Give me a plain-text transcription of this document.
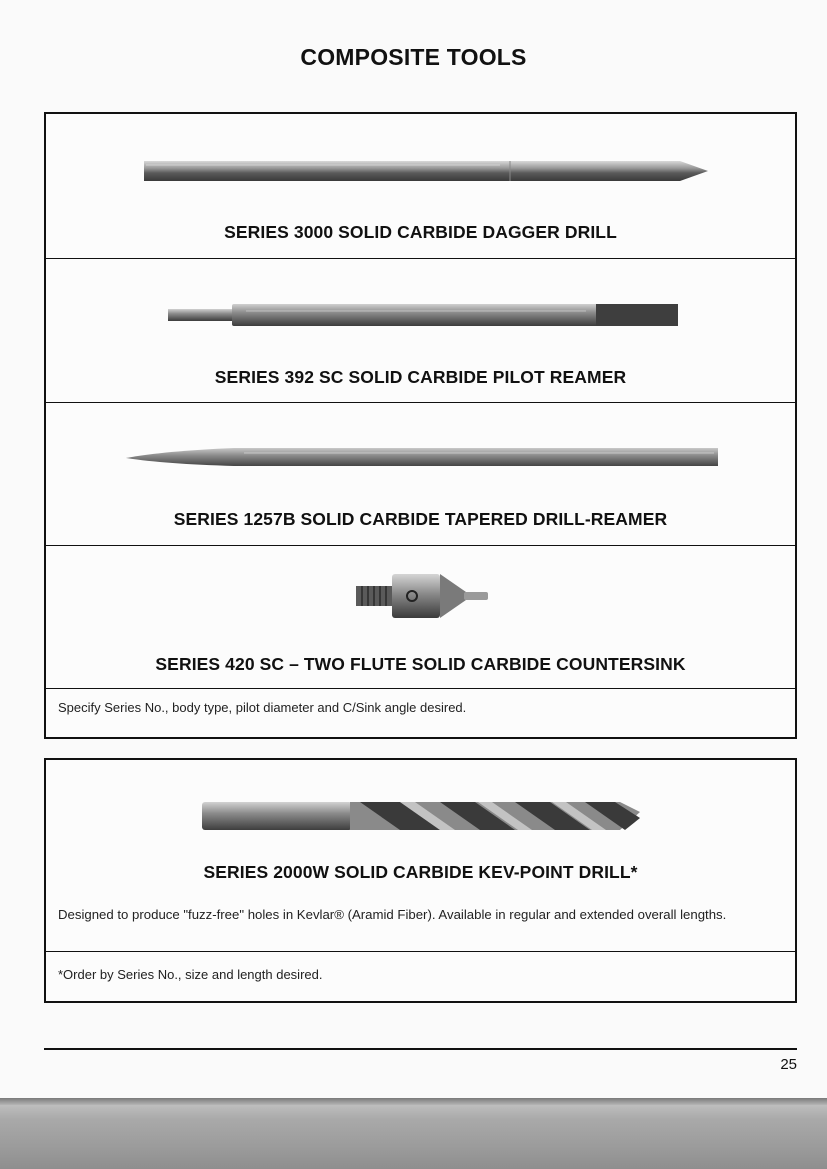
COMPOSITE TOOLS
SERIES 3000 SOLID CARBIDE DAGGER DRILL
SERIES 392 SC SOLID CARBIDE PILOT REAMER
SERIES 1257B SOLID CARBIDE TAPERED DRILL-REAMER
SERIES 420 SC – TWO FLUTE SOLID CARBIDE COUNTERSINK
Specify Series No., body type, pilot diameter and C/Sink angle desired.
SERIES 2000W SOLID CARBIDE KEV-POINT DRILL*
Designed to produce "fuzz-free" holes in Kevlar® (Aramid Fiber). Available in regular and extended overall lengths.
*Order by Series No., size and length desired.
25
